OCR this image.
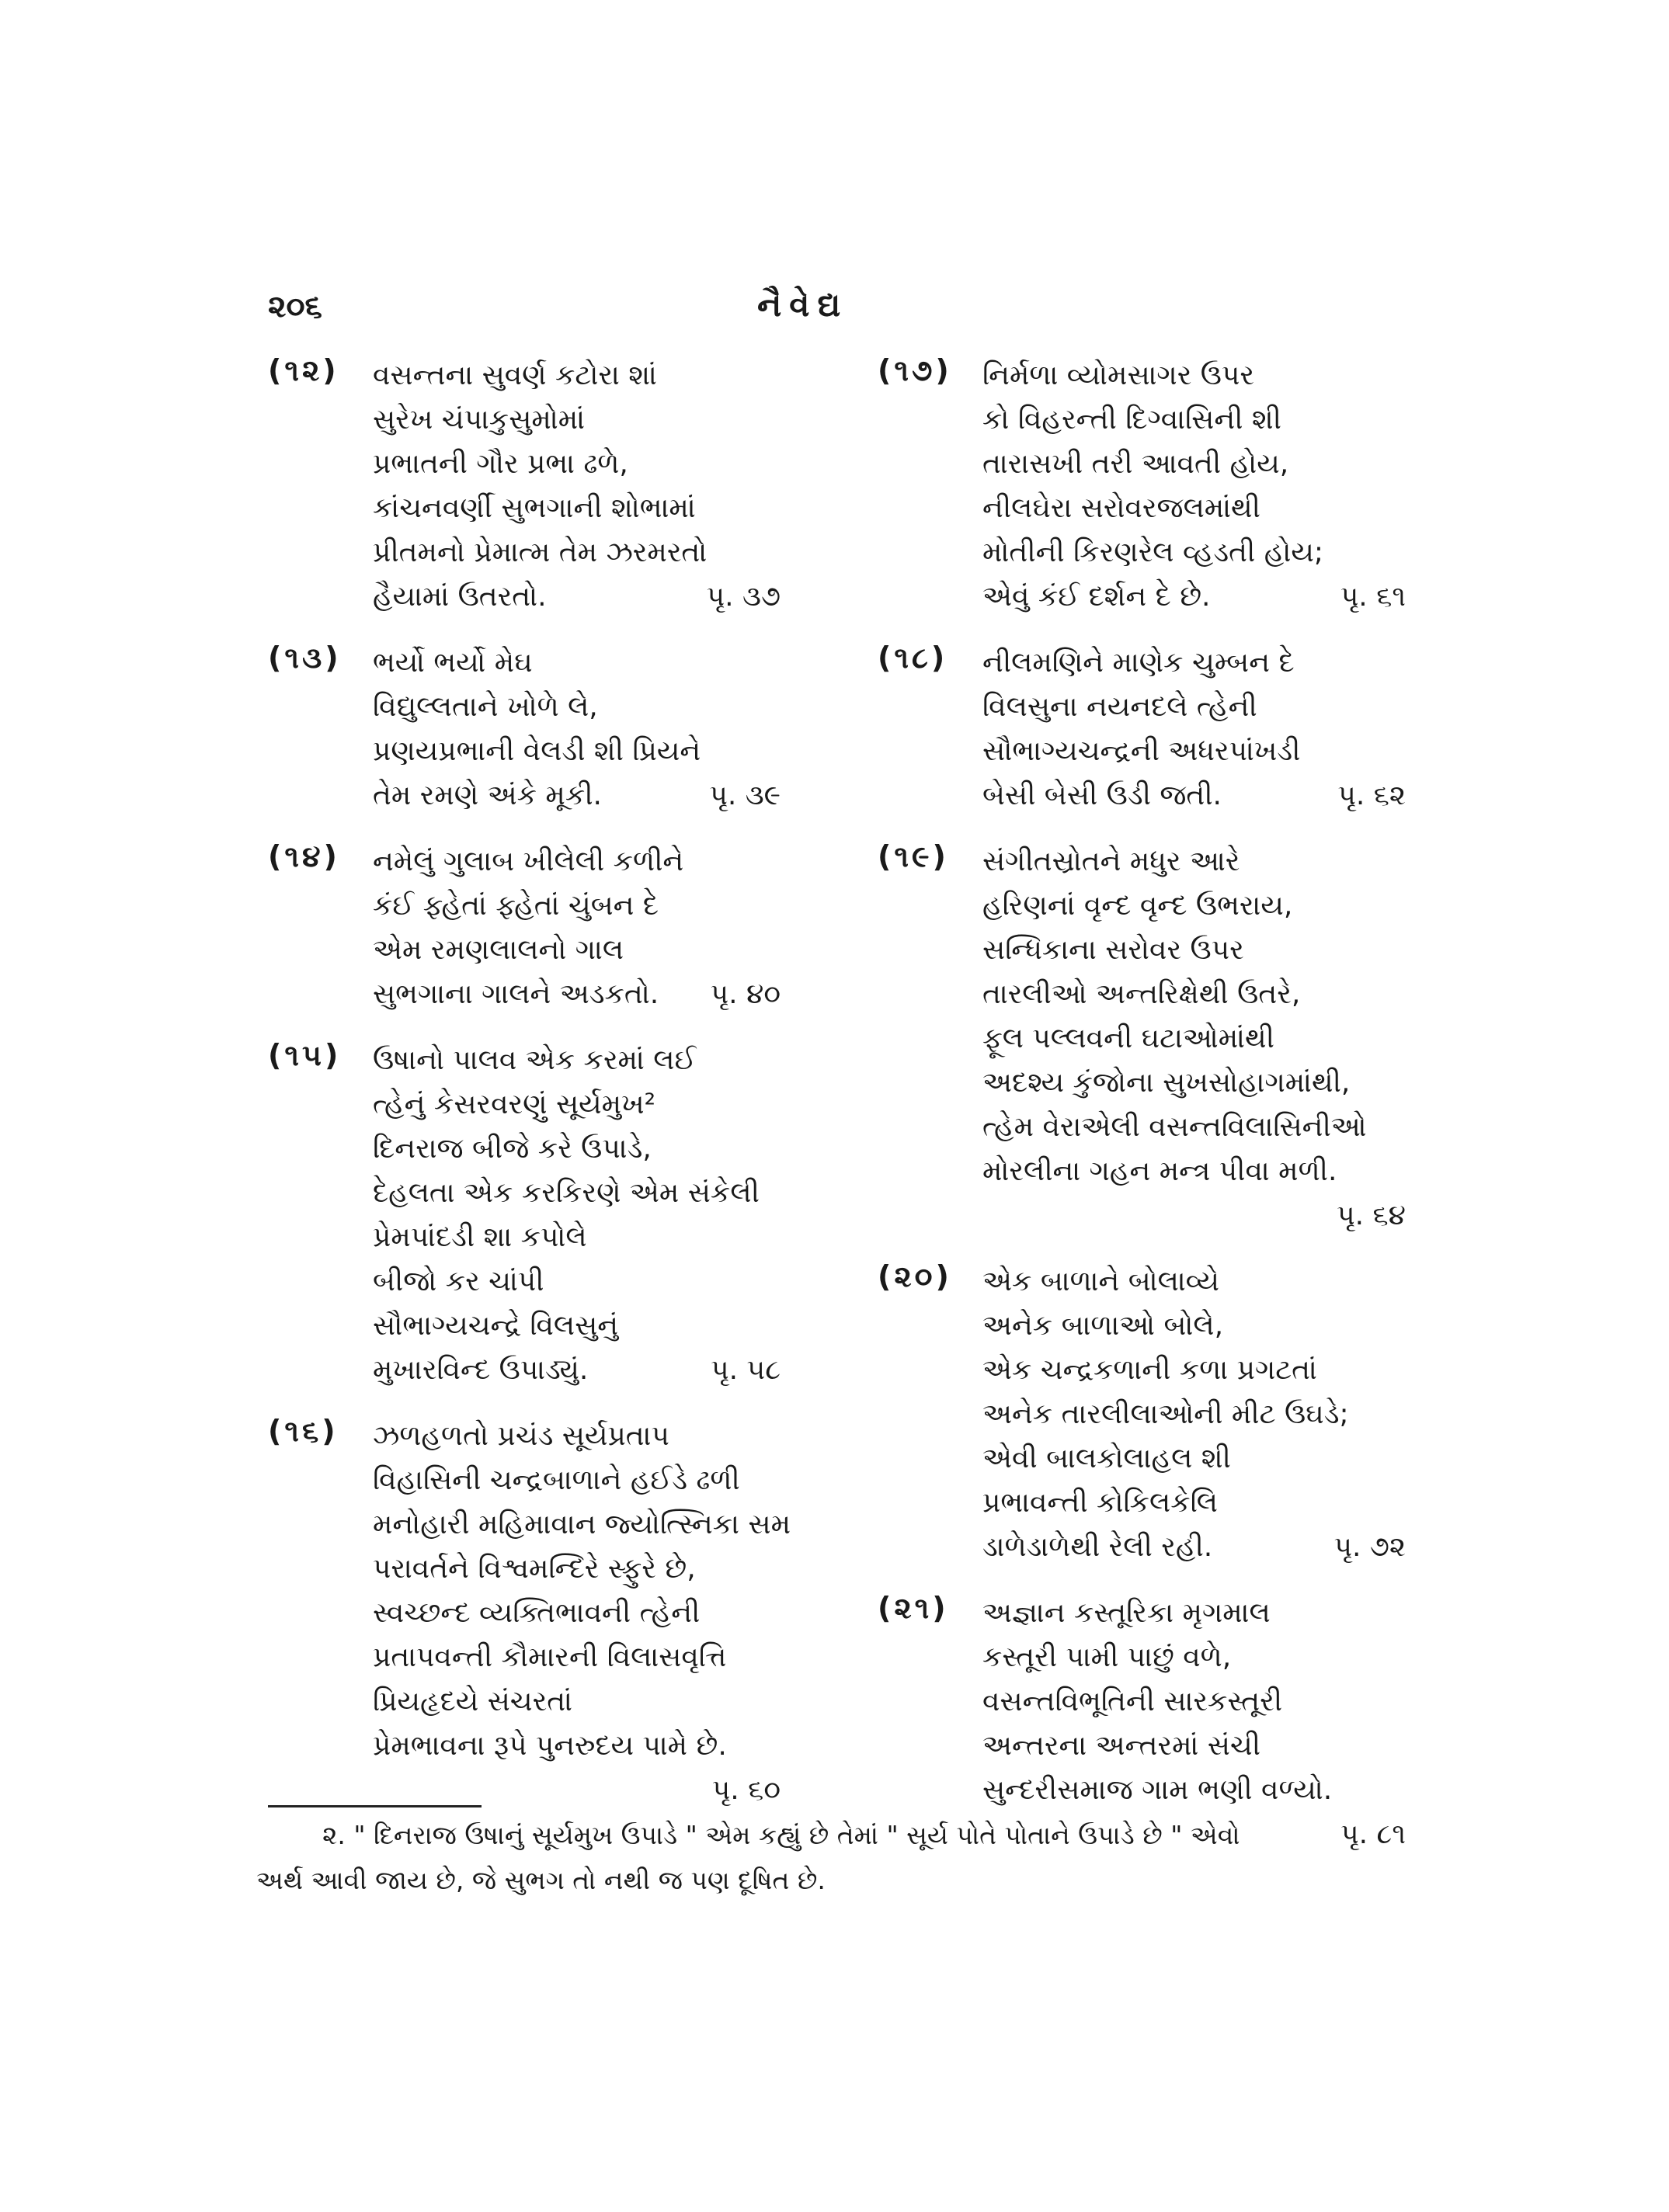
૨૦૬	નૈવેદ્ય
(૧૨) વસન્તના સુવર્ણ કટોરા શાં
સુરેખ ચંપાકુસુમોમાં
પ્રભાતની ગૌર પ્રભા ઢળે,
કાંચનવર્ણી સુભગાની શોભામાં
પ્રીતમનો પ્રેમાત્મ તેમ ઝરમરતો
હૈયામાં ઉતરતો.	પૃ. ૩૭
(૧૩) ભર્યો ભર્યો મેઘ
વિદ્યુલ્લતાને ખોળે લે,
પ્રણયપ્રભાની વેલડી શી પ્રિયને
તેમ રમણે અંકે મૂકી.	પૃ. ૩૯
(૧૪) નમેલું ગુલાબ ખીલેલી કળીને
કંઈ ફ્હેતાં ફ્હેતાં ચુંબન દે
એમ રમણલાલનો ગાલ
સુભગાના ગાલને અડકતો.	પૃ. ૪૦
(૧૫) ઉષાનો પાલવ એક કરમાં લઈ
ત્હેનું કેસરવરણું સૂર્યમુખ²
દિનરાજ બીજે કરે ઉપાડે,
દેહલતા એક કરકિરણે એમ સંકેલી
પ્રેમપાંદડી શા કપોલે
બીજો કર ચાંપી
સૌભાગ્યચન્દ્રે વિલસુનું
મુખારવિન્દ ઉપાડ્યું.	પૃ. ૫૮
(૧૬) ઝળહળતો પ્રચંડ સૂર્યપ્રતાપ
વિહાસિની ચન્દ્રબાળાને હઈડે ઢળી
મનોહારી મહિમાવાન જ્યોત્સ્નિકા સમ
પરાવર્તને વિશ્વમન્દિરે સ્ફુરે છે,
સ્વચ્છન્દ વ્યક્તિભાવની ત્હેની
પ્રતાપવન્તી કૌમારની વિલાસવૃત્તિ
પ્રિયહૃદયે સંચરતાં
પ્રેમભાવના રૂપે પુનરુદય પામે છે.
પૃ. ૬૦
(૧૭) નિર્મળા વ્યોમસાગર ઉપર
કો વિહરન્તી દિગ્વાસિની શી
તારાસખી તરી આવતી હોય,
નીલઘેરા સરોવરજલમાંથી
મોતીની કિરણરેલ વ્હડતી હોય;
એવું કંઈ દર્શન દે છે.	પૃ. ૬૧
(૧૮) નીલમણિને માણેક ચુમ્બન દે
વિલસુના નયનદલે ત્હેની
સૌભાગ્યચન્દ્રની અધરપાંખડી
બેસી બેસી ઉડી જતી.	પૃ. ૬૨
(૧૯) સંગીતસ્રોતને મધુર આરે
હરિણનાં વૃન્દ વૃન્દ ઉભરાય,
સન્ધિકાના સરોવર ઉપર
તારલીઓ અન્તરિક્ષેથી ઉતરે,
ફૂલ પલ્લવની ઘટાઓમાંથી
અદશ્ય કુંજોના સુખસોહાગમાંથી,
ત્હેમ વેરાએલી વસન્તવિલાસિનીઓ
મોરલીના ગહન મન્ત્ર પીવા મળી.
પૃ. ૬૪
(૨૦) એક બાળાને બોલાવ્યે
અનેક બાળાઓ બોલે,
એક ચન્દ્રકળાની કળા પ્રગટતાં
અનેક તારલીલાઓની મીટ ઉઘડે;
એવી બાલકોલાહલ શી
પ્રભાવન્તી કોકિલકેલિ
ડાળેડાળેથી રેલી રહી.	પૃ. ૭૨
(૨૧) અજ્ઞાન કસ્તૂરિકા મૃગમાલ
કસ્તૂરી પામી પાછું વળે,
વસન્તવિભૂતિની સારકસ્તૂરી
અન્તરના અન્તરમાં સંચી
સુન્દરીસમાજ ગામ ભણી વળ્યો.
પૃ. ૮૧
૨. " દિનરાજ ઉષાનું સૂર્યમુખ ઉપાડે " એમ કહ્યું છે તેમાં " સૂર્ય પોતે પોતાને ઉપાડે છે " એવો
અર્થ આવી જાય છે, જે સુભગ તો નથી જ પણ દૂષિત છે.
